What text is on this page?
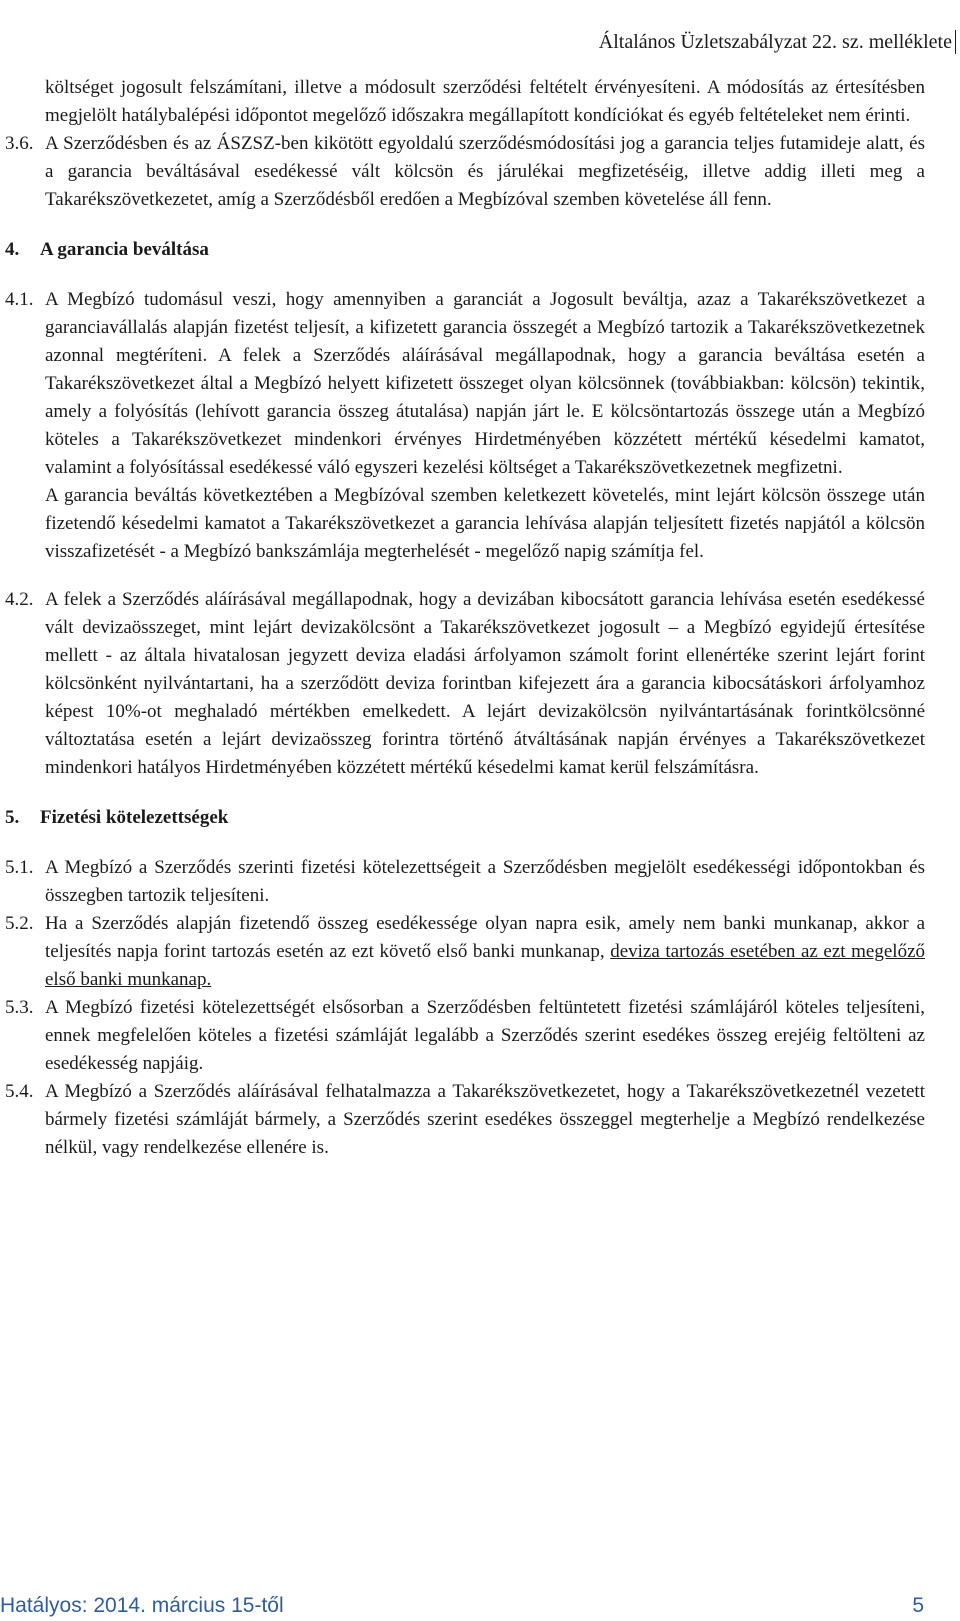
Általános Üzletszabályzat 22. sz. melléklete

költséget jogosult felszámítani, illetve a módosult szerződési feltételt érvényesíteni. A módosítás az értesítésben megjelölt hatálybalépési időpontot megelőző időszakra megállapított kondíciókat és egyéb feltételeket nem érinti.

3.6. A Szerződésben és az ÁSZSZ-ben kikötött egyoldalú szerződésmódosítási jog a garancia teljes futamideje alatt, és a garancia beváltásával esedékessé vált kölcsön és járulékai megfizetéséig, illetve addig illeti meg a Takarékszövetkezetet, amíg a Szerződésből eredően a Megbízóval szemben követelése áll fenn.

4. A garancia beváltása

4.1. A Megbízó tudomásul veszi, hogy amennyiben a garanciát a Jogosult beváltja, azaz a Takarékszövetkezet a garanciavállalás alapján fizetést teljesít, a kifizetett garancia összegét a Megbízó tartozik a Takarékszövetkezetnek azonnal megtéríteni. A felek a Szerződés aláírásával megállapodnak, hogy a garancia beváltása esetén a Takarékszövetkezet által a Megbízó helyett kifizetett összeget olyan kölcsönnek (továbbiakban: kölcsön) tekintik, amely a folyósítás (lehívott garancia összeg átutalása) napján járt le. E kölcsöntartozás összege után a Megbízó köteles a Takarékszövetkezet mindenkori érvényes Hirdetményében közzétett mértékű késedelmi kamatot, valamint a folyósítással esedékessé váló egyszeri kezelési költséget a Takarékszövetkezetnek megfizetni.

A garancia beváltás következtében a Megbízóval szemben keletkezett követelés, mint lejárt kölcsön összege után fizetendő késedelmi kamatot a Takarékszövetkezet a garancia lehívása alapján teljesített fizetés napjától a kölcsön visszafizetését - a Megbízó bankszámlája megterhelését - megelőző napig számítja fel.

4.2. A felek a Szerződés aláírásával megállapodnak, hogy a devizában kibocsátott garancia lehívása esetén esedékessé vált devizaösszeget, mint lejárt devizakölcsönt a Takarékszövetkezet jogosult – a Megbízó egyidejű értesítése mellett - az általa hivatalosan jegyzett deviza eladási árfolyamon számolt forint ellenértéke szerint lejárt forint kölcsönként nyilvántartani, ha a szerződött deviza forintban kifejezett ára a garancia kibocsátáskori árfolyamhoz képest 10%-ot meghaladó mértékben emelkedett. A lejárt devizakölcsön nyilvántartásának forintkölcsönné változtatása esetén a lejárt devizaösszeg forintra történő átváltásának napján érvényes a Takarékszövetkezet mindenkori hatályos Hirdetményében közzétett mértékű késedelmi kamat kerül felszámításra.

5. Fizetési kötelezettségek

5.1. A Megbízó a Szerződés szerinti fizetési kötelezettségeit a Szerződésben megjelölt esedékességi időpontokban és összegben tartozik teljesíteni.

5.2. Ha a Szerződés alapján fizetendő összeg esedékessége olyan napra esik, amely nem banki munkanap, akkor a teljesítés napja forint tartozás esetén az ezt követő első banki munkanap, deviza tartozás esetében az ezt megelőző első banki munkanap.

5.3. A Megbízó fizetési kötelezettségét elsősorban a Szerződésben feltüntetett fizetési számlájáról köteles teljesíteni, ennek megfelelően köteles a fizetési számláját legalább a Szerződés szerint esedékes összeg erejéig feltölteni az esedékesség napjáig.

5.4. A Megbízó a Szerződés aláírásával felhatalmazza a Takarékszövetkezetet, hogy a Takarékszövetkezetnél vezetett bármely fizetési számláját bármely, a Szerződés szerint esedékes összeggel megterhelje a Megbízó rendelkezése nélkül, vagy rendelkezése ellenére is.

Hatályos: 2014. március 15-től	5
